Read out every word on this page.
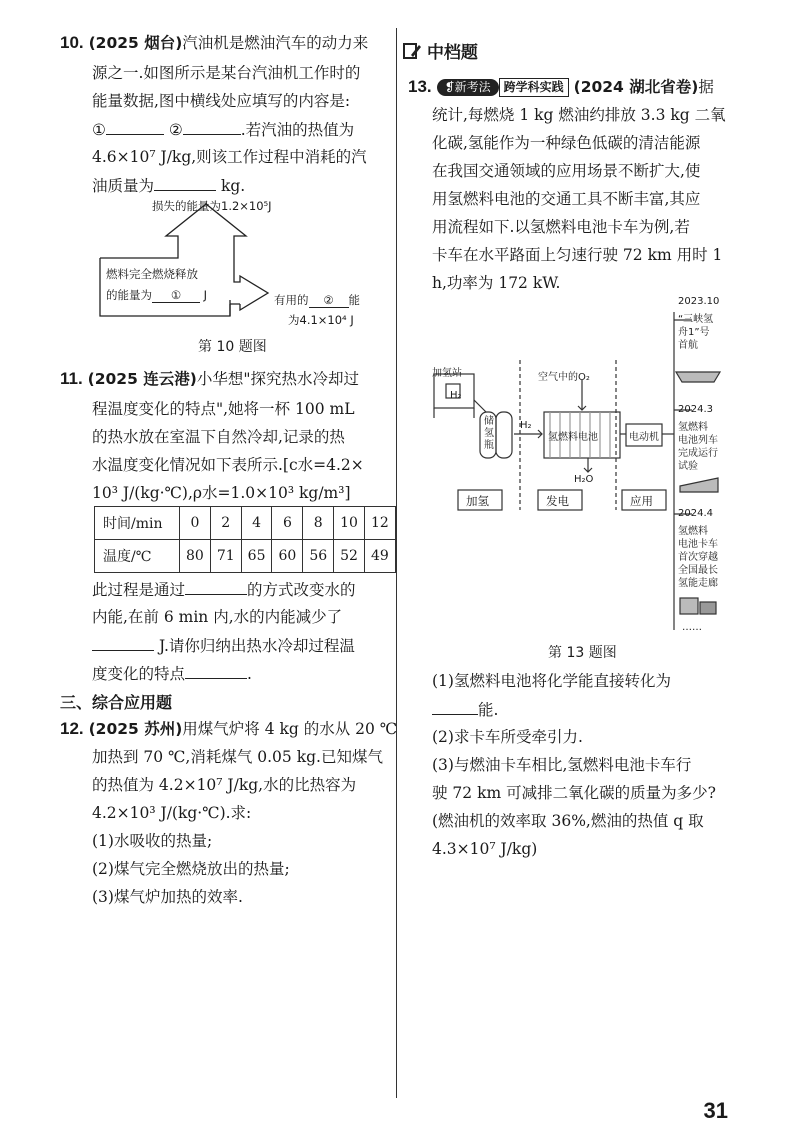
10. (2025 烟台)汽油机是燃油汽车的动力来
源之一.如图所示是某台汽油机工作时的
能量数据,图中横线处应填写的内容是:
①	②	.若汽油的热值为
4.6×10⁷ J/kg,则该工作过程中消耗的汽
油质量为	kg.
损失的能量为1.2×10⁵J
燃料完全燃烧释放
的能量为 ① J	有用的 ② 能
为4.1×10⁴ J
第 10 题图
11. (2025 连云港)小华想"探究热水冷却过
程温度变化的特点",她将一杯 100 mL
的热水放在室温下自然冷却,记录的热
水温度变化情况如下表所示.[c水=4.2×
10³ J/(kg·℃),ρ水=1.0×10³ kg/m³]
时间/min	0	2	4	6	8	10	12
温度/℃	80	71	65	60	56	52	49
此过程是通过	的方式改变水的
内能,在前 6 min 内,水的内能减少了
J.请你归纳出热水冷却过程温
度变化的特点	.
三、综合应用题
12. (2025 苏州)用煤气炉将 4 kg 的水从 20 ℃
加热到 70 ℃,消耗煤气 0.05 kg.已知煤气
的热值为 4.2×10⁷ J/kg,水的比热容为
4.2×10³ J/(kg·℃).求:
(1)水吸收的热量;
(2)煤气完全燃烧放出的热量;
(3)煤气炉加热的效率.
中档题
13. ❡新考法 跨学科实践 (2024 湖北省卷)据
统计,每燃烧 1 kg 燃油约排放 3.3 kg 二氧
化碳,氢能作为一种绿色低碳的清洁能源
在我国交通领域的应用场景不断扩大,使
用氢燃料电池的交通工具不断丰富,其应
用流程如下.以氢燃料电池卡车为例,若
卡车在水平路面上匀速行驶 72 km 用时 1
h,功率为 172 kW.
加氢站
H₂
储氢瓶
H₂
空气中的O₂
氢燃料电池	电动机
H₂O
加氢	发电	应用
2023.10
“三峡氢
舟1”号
首航
2024.3
氢燃料
电池列车
完成运行
试验
2024.4
氢燃料
电池卡车
首次穿越
全国最长
氢能走廊
……
第 13 题图
(1)氢燃料电池将化学能直接转化为
能.
(2)求卡车所受牵引力.
(3)与燃油卡车相比,氢燃料电池卡车行
驶 72 km 可减排二氧化碳的质量为多少?
(燃油机的效率取 36%,燃油的热值 q 取
4.3×10⁷ J/kg)
31
